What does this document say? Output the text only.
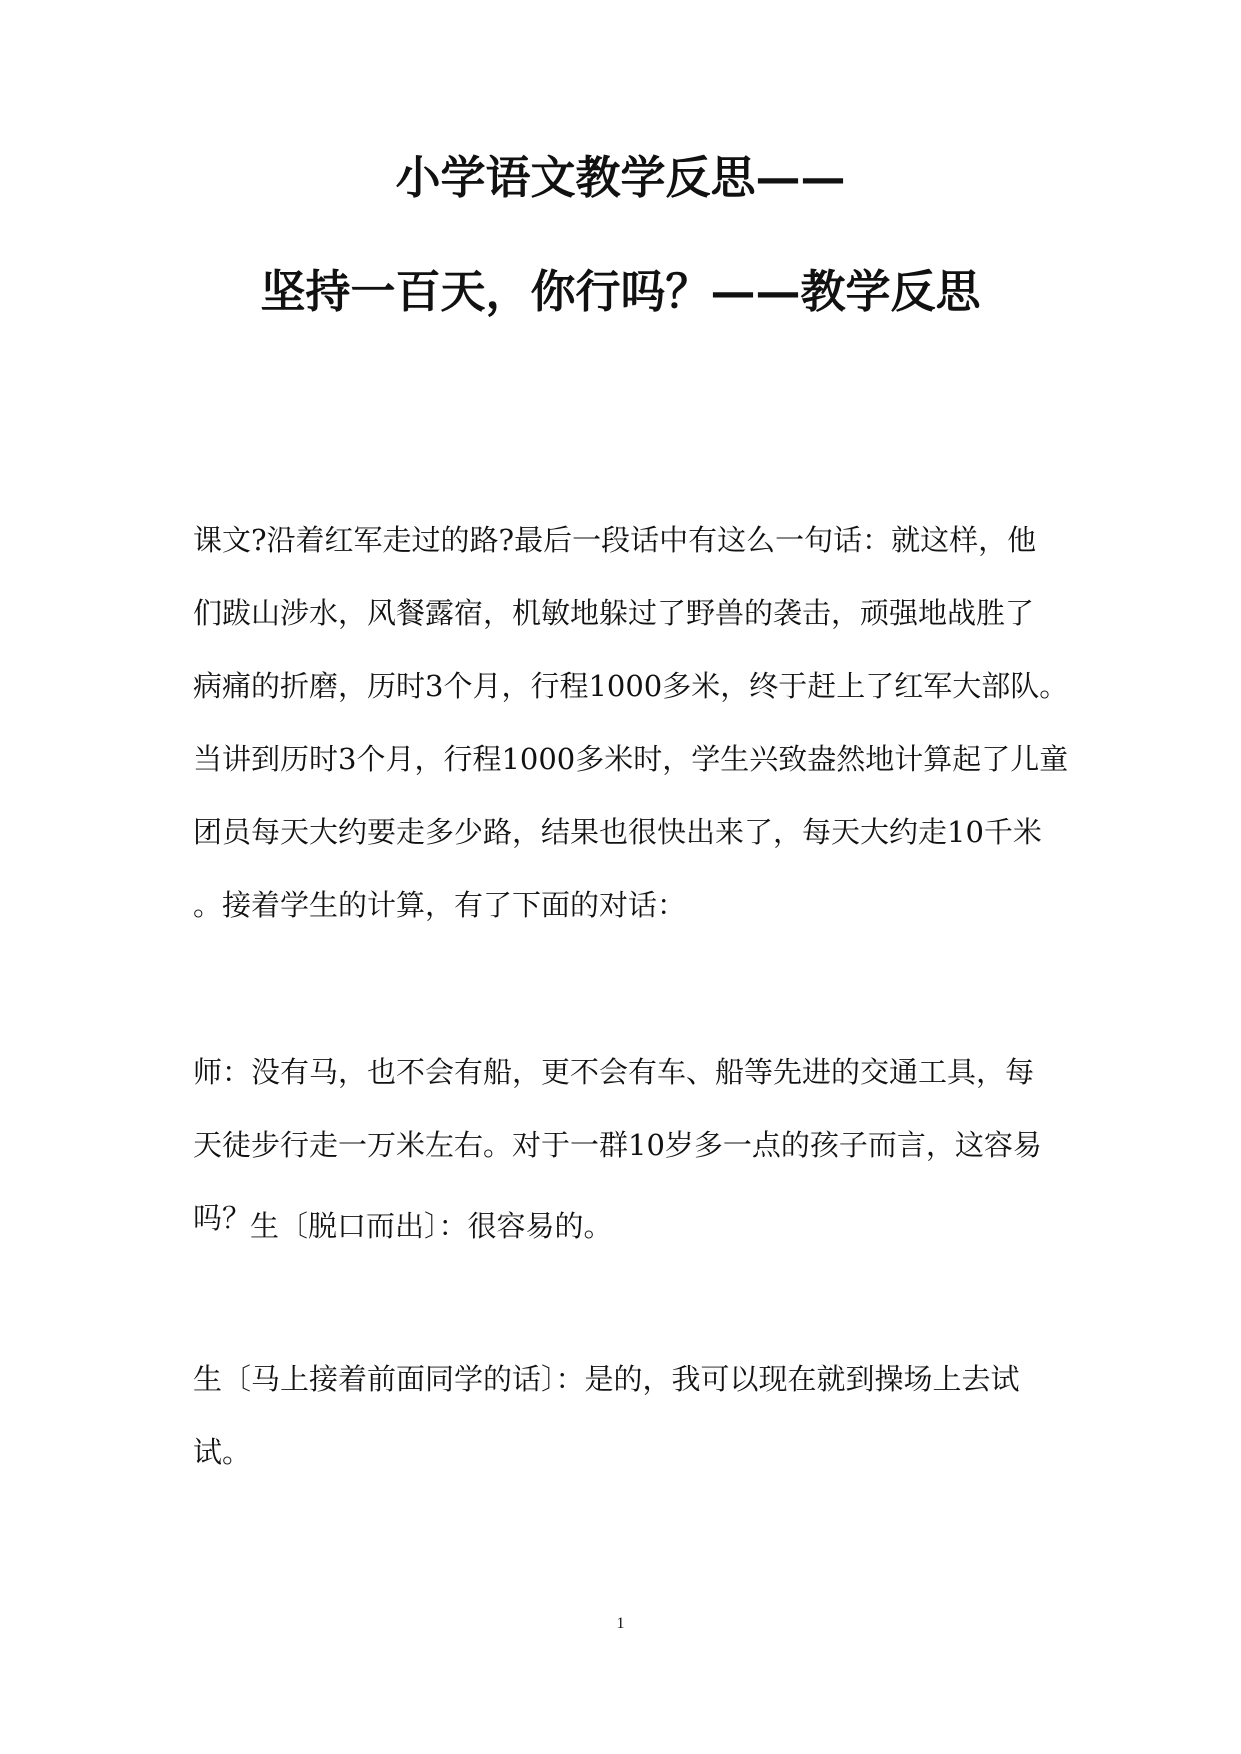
小学语文教学反思——
坚持一百天，你行吗？——教学反思
课文?沿着红军走过的路?最后一段话中有这么一句话：就这样，他
们跋山涉水，风餐露宿，机敏地躲过了野兽的袭击，顽强地战胜了
病痛的折磨，历时3个月，行程1000多米，终于赶上了红军大部队。
当讲到历时3个月，行程1000多米时，学生兴致盎然地计算起了儿童
团员每天大约要走多少路，结果也很快出来了，每天大约走10千米
。接着学生的计算，有了下面的对话：
师：没有马，也不会有船，更不会有车、船等先进的交通工具，每
天徒步行走一万米左右。对于一群10岁多一点的孩子而言，这容易
吗？
生〔脱口而出〕：很容易的。
生〔马上接着前面同学的话〕：是的，我可以现在就到操场上去试
试。
1
